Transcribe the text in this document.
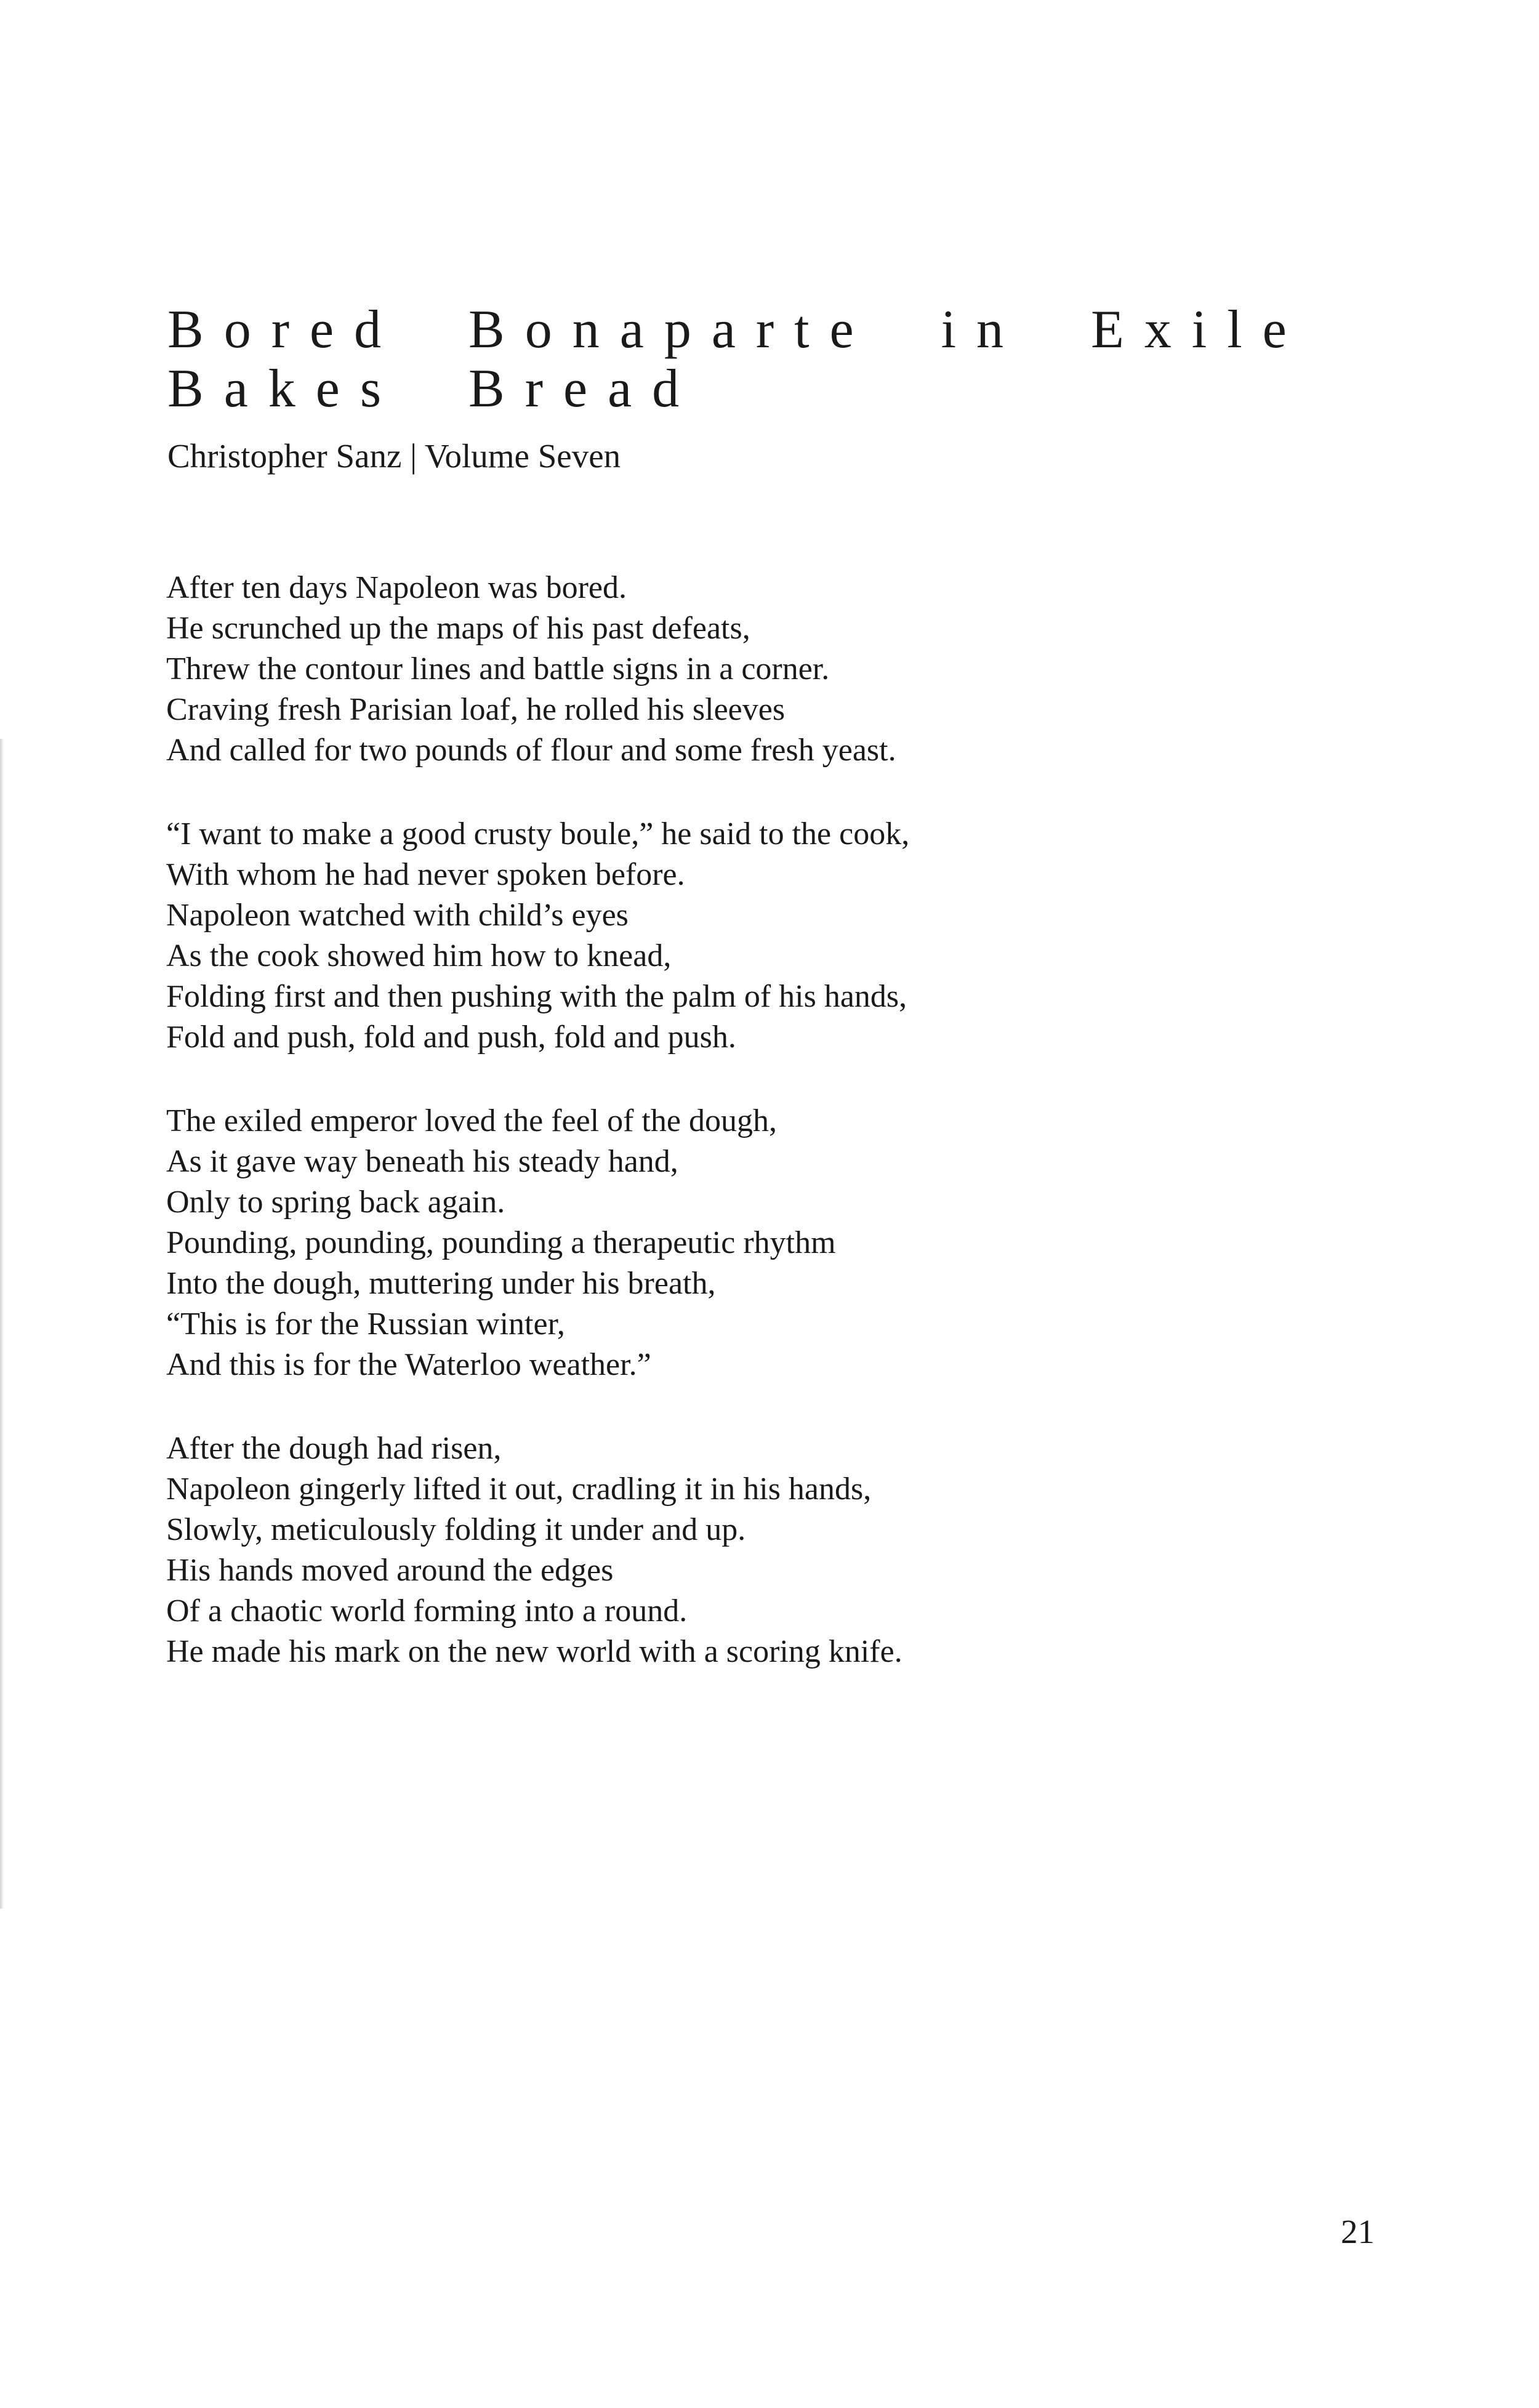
Bored Bonaparte in Exile
Bakes Bread
Christopher Sanz | Volume Seven
After ten days Napoleon was bored.
He scrunched up the maps of his past defeats,
Threw the contour lines and battle signs in a corner.
Craving fresh Parisian loaf, he rolled his sleeves
And called for two pounds of flour and some fresh yeast.
“I want to make a good crusty boule,” he said to the cook,
With whom he had never spoken before.
Napoleon watched with child’s eyes
As the cook showed him how to knead,
Folding first and then pushing with the palm of his hands,
Fold and push, fold and push, fold and push.
The exiled emperor loved the feel of the dough,
As it gave way beneath his steady hand,
Only to spring back again.
Pounding, pounding, pounding a therapeutic rhythm
Into the dough, muttering under his breath,
“This is for the Russian winter,
And this is for the Waterloo weather.”
After the dough had risen,
Napoleon gingerly lifted it out, cradling it in his hands,
Slowly, meticulously folding it under and up.
His hands moved around the edges
Of a chaotic world forming into a round.
He made his mark on the new world with a scoring knife.
21
